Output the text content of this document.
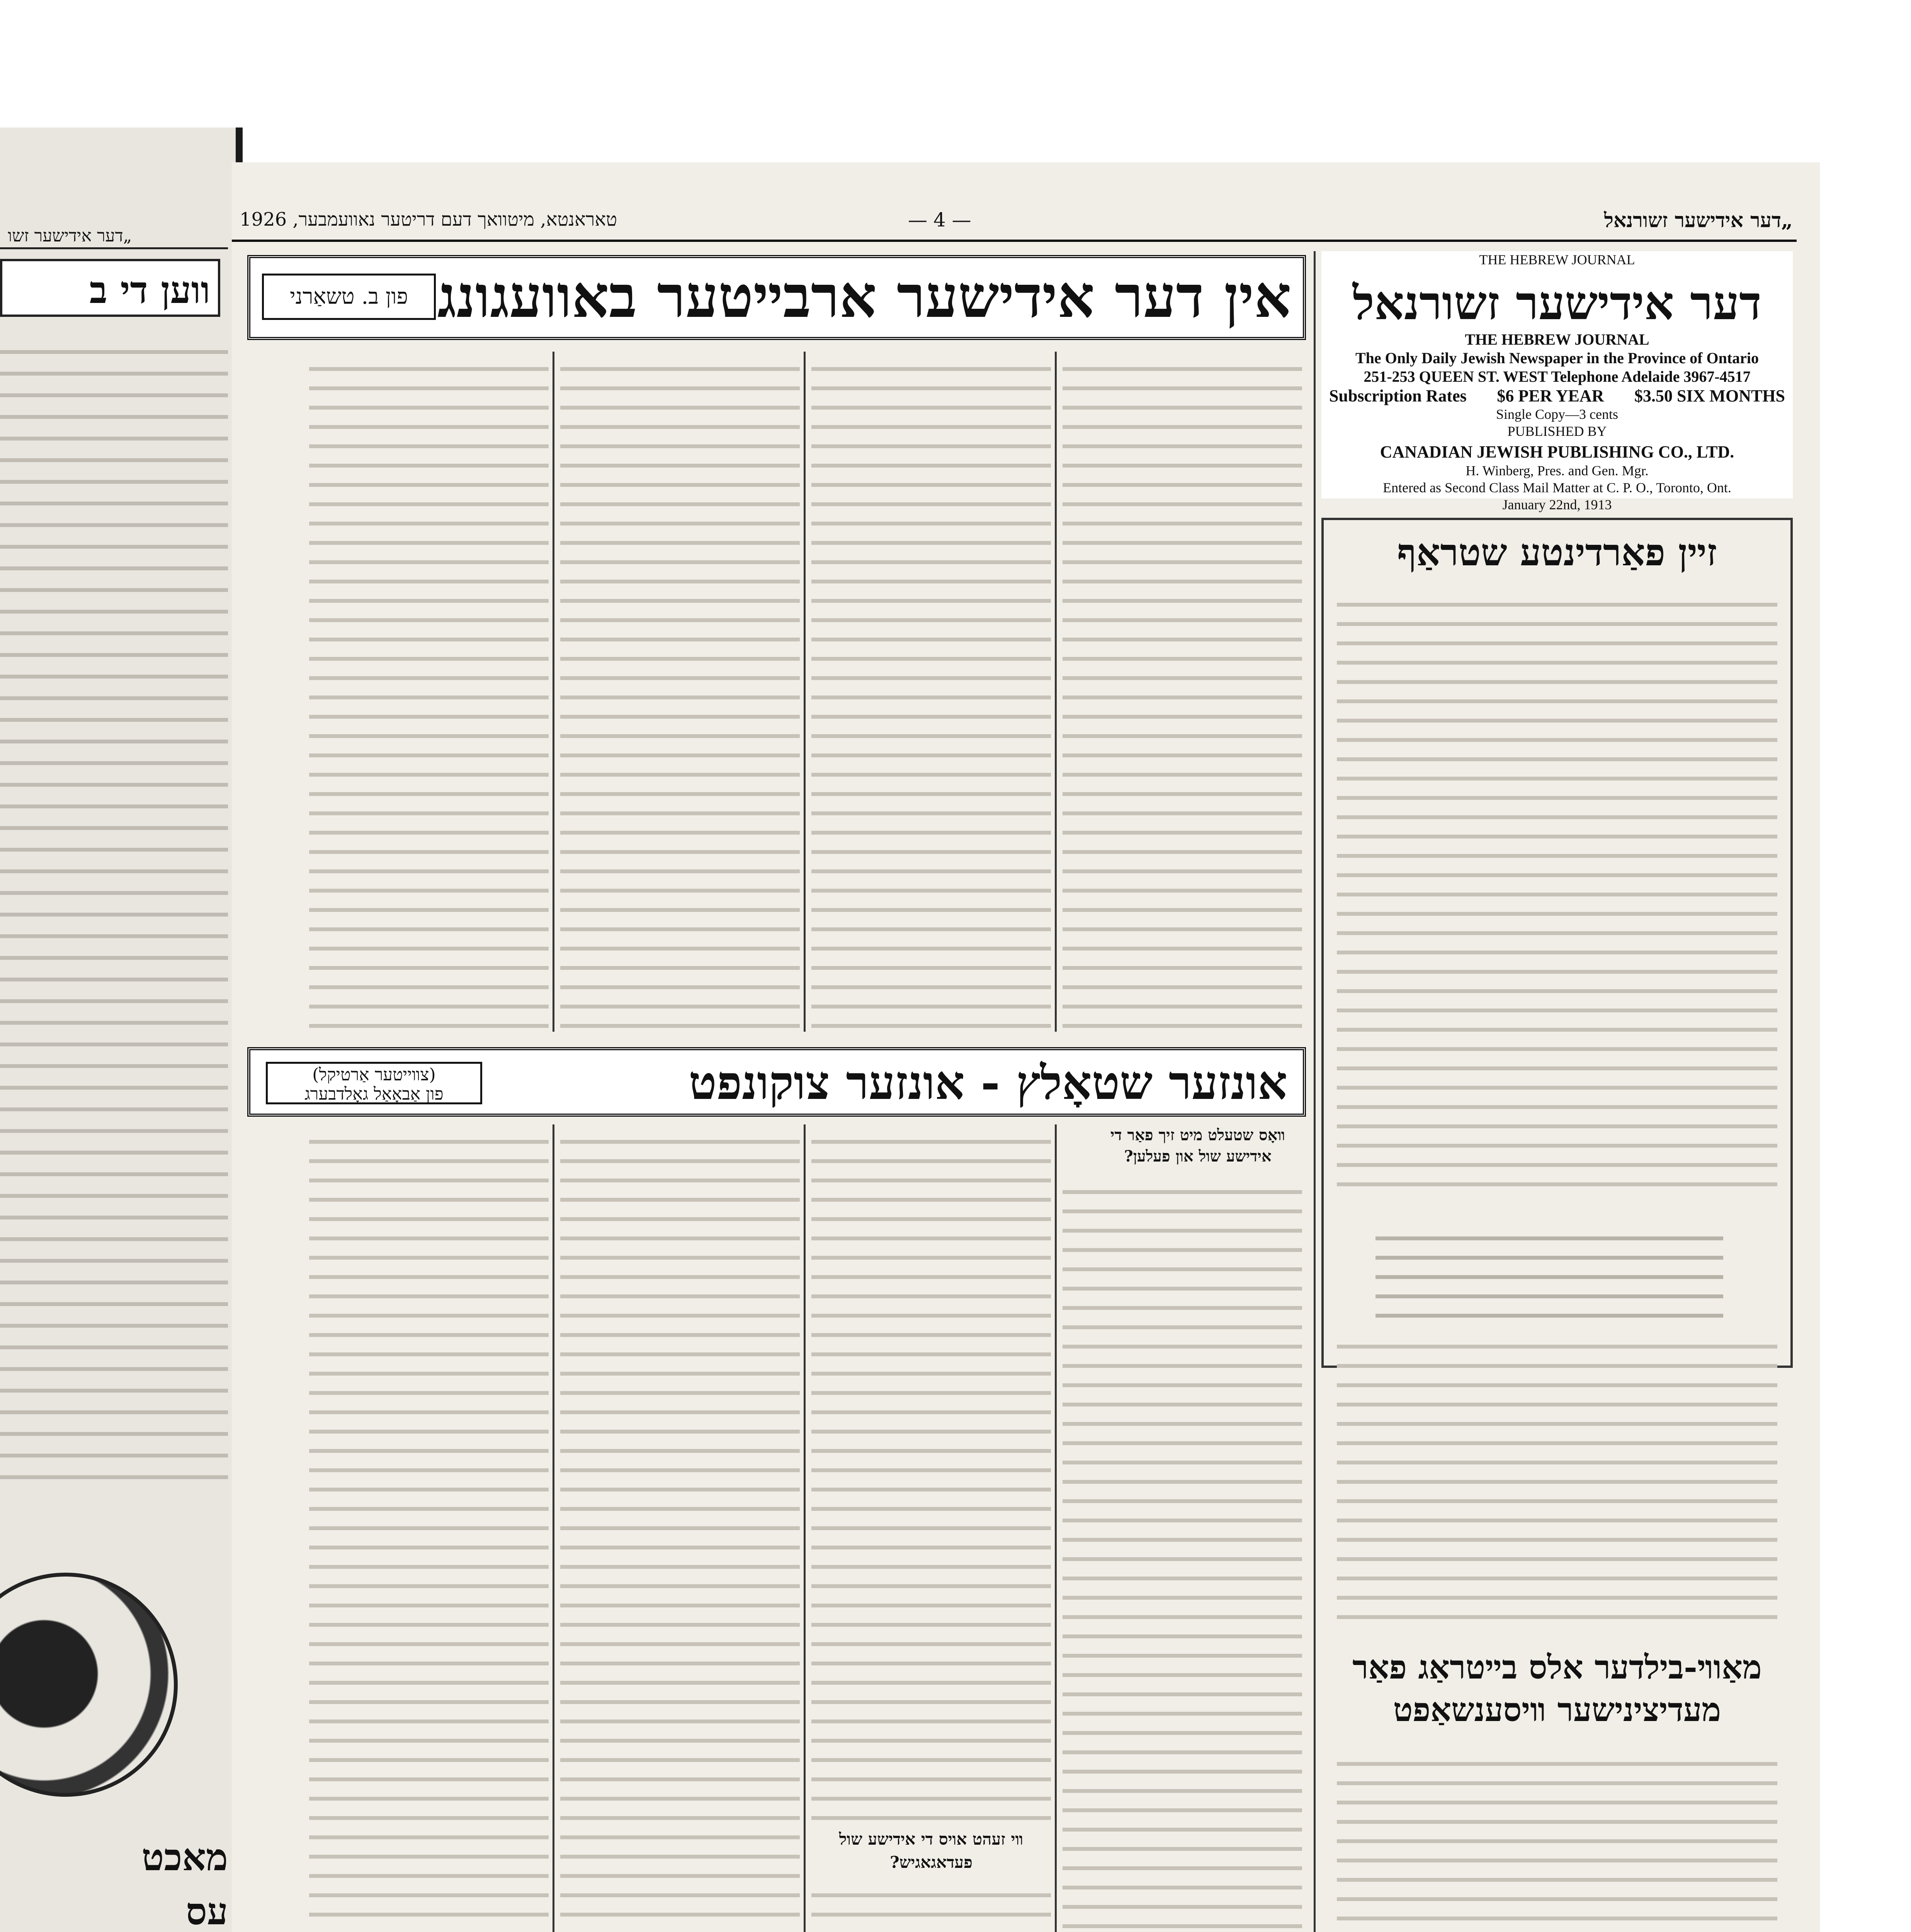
„דער אידישער זשו
ווען די ב
מאכט
עס
טאראנטא, מיטוואך דעם דריטער נאוועמבער, 1926	— 4 —	„דער אידישער זשורנאל
אין דער אידישער ארבײטער באוועגונג
פון ב. טשאַרני
THE HEBREW JOURNAL
דער אידישער זשורנאל
THE HEBREW JOURNAL
The Only Daily Jewish Newspaper in the Province of Ontario
251-253 QUEEN ST. WEST Telephone Adelaide 3967-4517
Subscription Rates $6 PER YEAR $3.50 SIX MONTHS
Single Copy—3 cents
PUBLISHED BY
CANADIAN JEWISH PUBLISHING CO., LTD.
H. Winberg, Pres. and Gen. Mgr.
Entered as Second Class Mail Matter at C. P. O., Toronto, Ont.
January 22nd, 1913
זײן פאַרדינטע שטראַף
מאַוױ-בילדער אלס בײטראַג פאַר
מעדיצינישער װיסענשאַפט
אונזער שטאָלץ - אונזער צוקונפט
(צװייטער אַרטיקל)
פון אַבאָאַל גאָלדבערג
װאָס שטעלט מיט זיך פאַר די אידישע שול און פעלען?
װי זעהט אויס די אידישע שול פעדאגאגיש?
